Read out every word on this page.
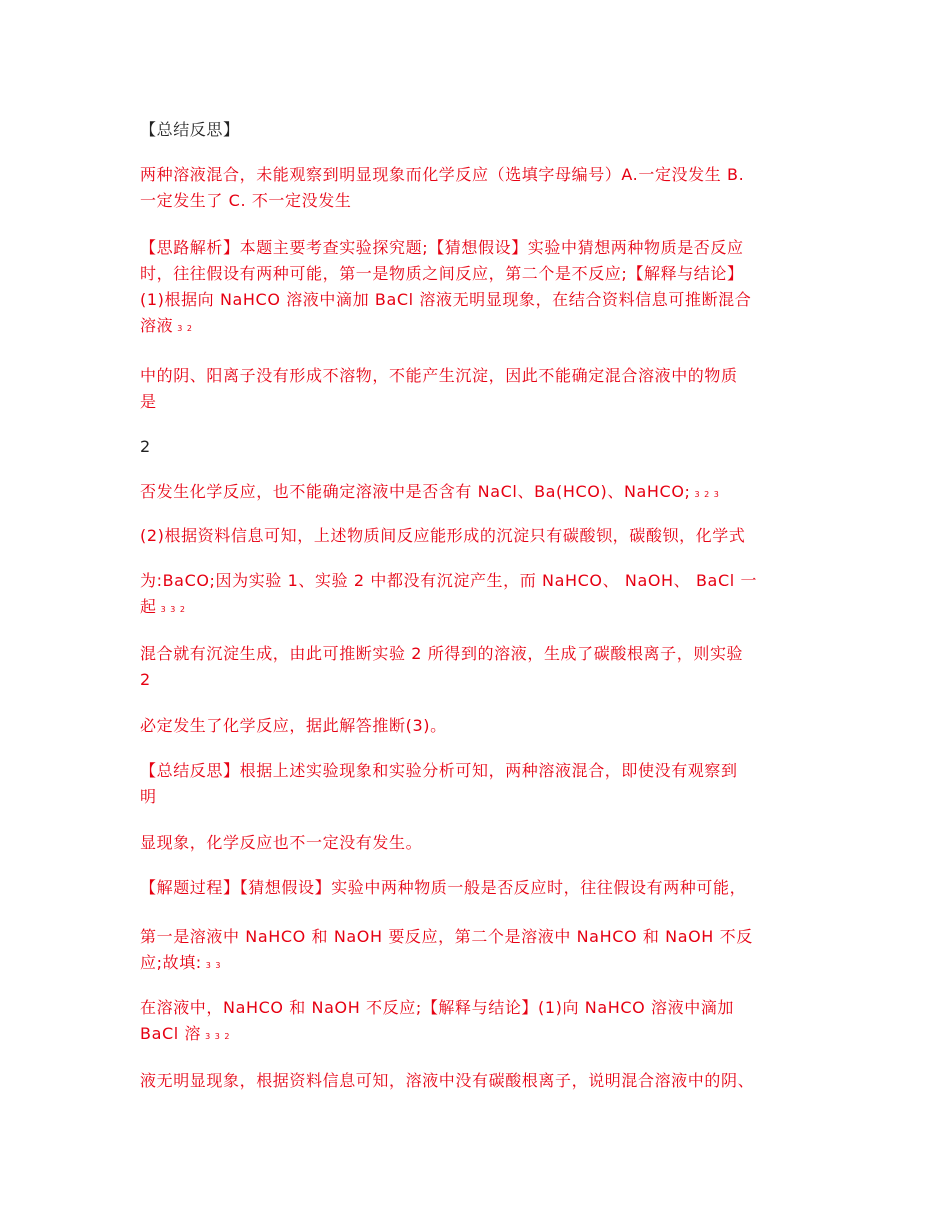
【总结反思】

两种溶液混合，未能观察到明显现象而化学反应（选填字母编号）A.一定没发生 B.
一定发生了 C. 不一定没发生

【思路解析】本题主要考查实验探究题;【猜想假设】实验中猜想两种物质是否反应
时，往往假设有两种可能，第一是物质之间反应，第二个是不反应;【解释与结论】
(1)根据向 NaHCO 溶液中滴加 BaCl 溶液无明显现象，在结合资料信息可推断混合
溶液 3 2

中的阴、阳离子没有形成不溶物，不能产生沉淀，因此不能确定混合溶液中的物质
是

2

否发生化学反应，也不能确定溶液中是否含有 NaCl、Ba(HCO)、NaHCO; 3 2 3

(2)根据资料信息可知，上述物质间反应能形成的沉淀只有碳酸钡，碳酸钡，化学式

为:BaCO;因为实验 1、实验 2 中都没有沉淀产生，而 NaHCO、 NaOH、 BaCl 一
起 3 3 2

混合就有沉淀生成，由此可推断实验 2 所得到的溶液，生成了碳酸根离子，则实验
2

必定发生了化学反应，据此解答推断(3)。

【总结反思】根据上述实验现象和实验分析可知，两种溶液混合，即使没有观察到
明

显现象，化学反应也不一定没有发生。

【解题过程】【猜想假设】实验中两种物质一般是否反应时，往往假设有两种可能，

第一是溶液中 NaHCO 和 NaOH 要反应，第二个是溶液中 NaHCO 和 NaOH 不反
应;故填: 3 3

在溶液中，NaHCO 和 NaOH 不反应;【解释与结论】(1)向 NaHCO 溶液中滴加
BaCl 溶 3 3 2

液无明显现象，根据资料信息可知，溶液中没有碳酸根离子，说明混合溶液中的阴、
